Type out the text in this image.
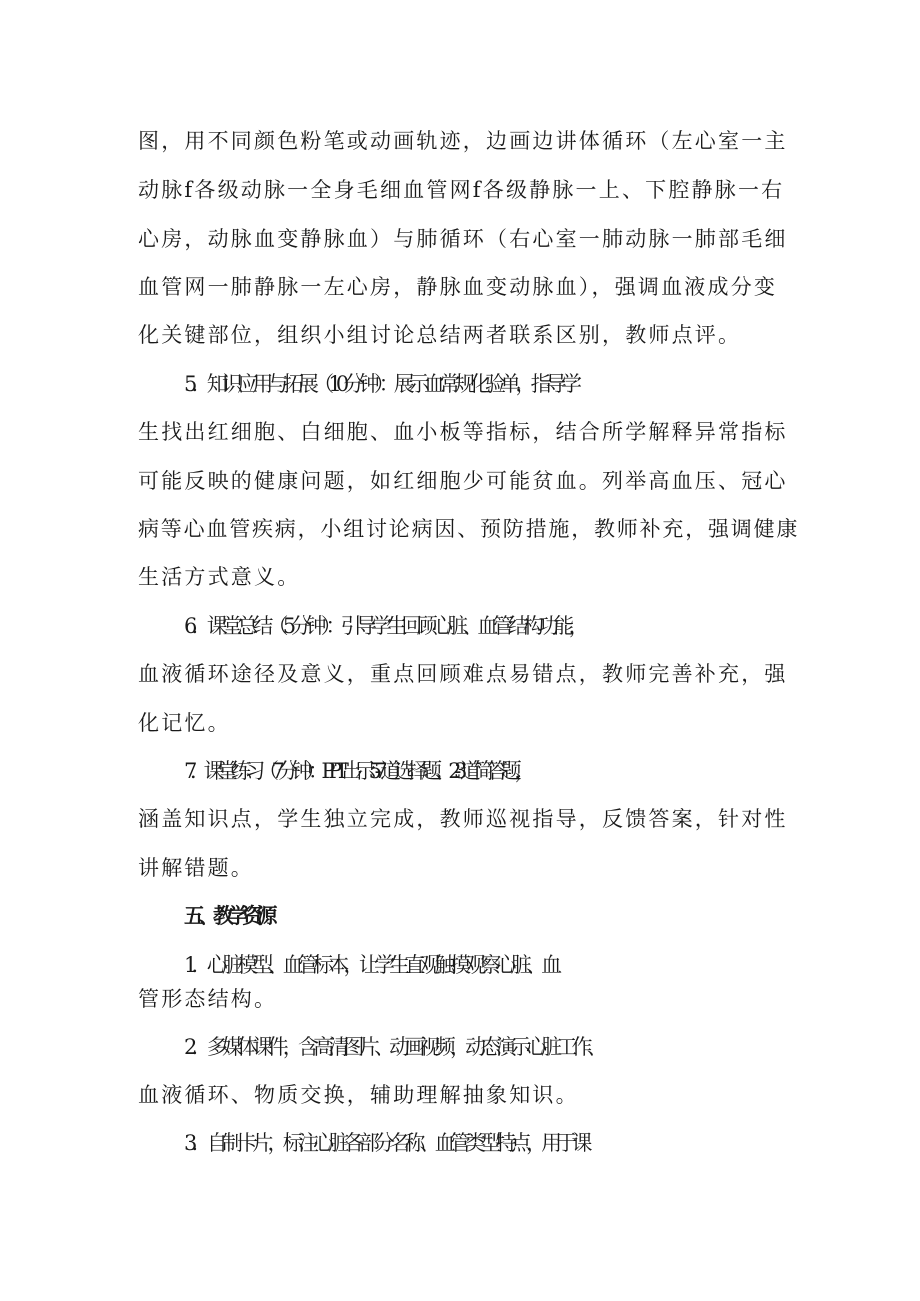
图，用不同颜色粉笔或动画轨迹，边画边讲体循环（左心室一主
动脉f各级动脉一全身毛细血管网f各级静脉一上、下腔静脉一右
心房，动脉血变静脉血）与肺循环（右心室一肺动脉一肺部毛细
血管网一肺静脉一左心房，静脉血变动脉血），强调血液成分变
化关键部位，组织小组讨论总结两者联系区别，教师点评。
5．知识应用与拓展（10分钟）：展示血常规化验单，指导学
生找出红细胞、白细胞、血小板等指标，结合所学解释异常指标
可能反映的健康问题，如红细胞少可能贫血。列举高血压、冠心
病等心血管疾病，小组讨论病因、预防措施，教师补充，强调健康
生活方式意义。
6．课堂总结（5分钟）：引导学生回顾心脏、血管结构功能，
血液循环途径及意义，重点回顾难点易错点，教师完善补充，强
化记忆。
7．课堂练习（7分钟）：PPT出示5-7道选择题、2-3道简答题，
涵盖知识点，学生独立完成，教师巡视指导，反馈答案，针对性
讲解错题。
五、教学资源
1．心脏模型、血管标本，让学生直观触摸观察心脏、血
管形态结构。
2．多媒体课件，含高清图片、动画视频，动态演示心脏工作、
血液循环、物质交换，辅助理解抽象知识。
3．自制卡片，标注心脏各部分名称、血管类型特点，用于课
